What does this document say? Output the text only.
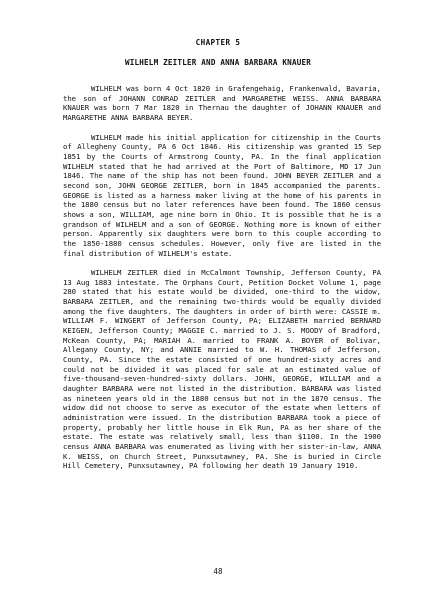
CHAPTER 5
WILHELM ZEITLER AND ANNA BARBARA KNAUER

WILHELM was born 4 Oct 1820 in Grafengehaig, Frankenwald, Bavaria, the son of JOHANN CONRAD ZEITLER and MARGARETHE WEISS. ANNA BARBARA KNAUER was born 7 Mar 1820 in Thernau the daughter of JOHANN KNAUER and MARGARETHE ANNA BARBARA BEYER.

WILHELM made his initial application for citizenship in the Courts of Allegheny County, PA 6 Oct 1846. His citizenship was granted 15 Sep 1851 by the Courts of Armstrong County, PA. In the final application WILHELM stated that he had arrived at the Port of Baltimore, MD 17 Jun 1846. The name of the ship has not been found. JOHN BEYER ZEITLER and a second son, JOHN GEORGE ZEITLER, born in 1845 accompanied the parents. GEORGE is listed as a harness maker living at the home of his parents in the 1880 census but no later references have been found. The 1860 census shows a son, WILLIAM, age nine born in Ohio. It is possible that he is a grandson of WILHELM and a son of GEORGE. Nothing more is known of either person. Apparently six daughters were born to this couple according to the 1850-1880 census schedules. However, only five are listed in the final distribution of WILHELM's estate.

WILHELM ZEITLER died in McCalmont Township, Jefferson County, PA 13 Aug 1883 intestate. The Orphans Court, Petition Docket Volume 1, page 280 stated that his estate would be divided, one-third to the widow, BARBARA ZEITLER, and the remaining two-thirds would be equally divided among the five daughters. The daughters in order of birth were: CASSIE m. WILLIAM F. WINGERT of Jefferson County, PA; ELIZABETH married BERNARD KEIGEN, Jefferson County; MAGGIE C. married to J. S. MOODY of Bradford, McKean County, PA; MARIAH A. married to FRANK A. BOYER of Bolivar, Allegany County, NY; and ANNIE married to W. H. THOMAS of Jefferson, County, PA. Since the estate consisted of one hundred-sixty acres and could not be divided it was placed for sale at an estimated value of five-thousand-seven-hundred-sixty dollars. JOHN, GEORGE, WILLIAM and a daughter BARBARA were not listed in the distribution. BARBARA was listed as nineteen years old in the 1880 census but not in the 1870 census. The widow did not choose to serve as executor of the estate when letters of administration were issued. In the distribution BARBARA took a piece of property, probably her little house in Elk Run, PA as her share of the estate. The estate was relatively small, less than $1100. In the 1900 census ANNA BARBARA was enumerated as living with her sister-in-law, ANNA K. WEISS, on Church Street, Punxsutawney, PA. She is buried in Circle Hill Cemetery, Punxsutawney, PA following her death 19 January 1910.

48
